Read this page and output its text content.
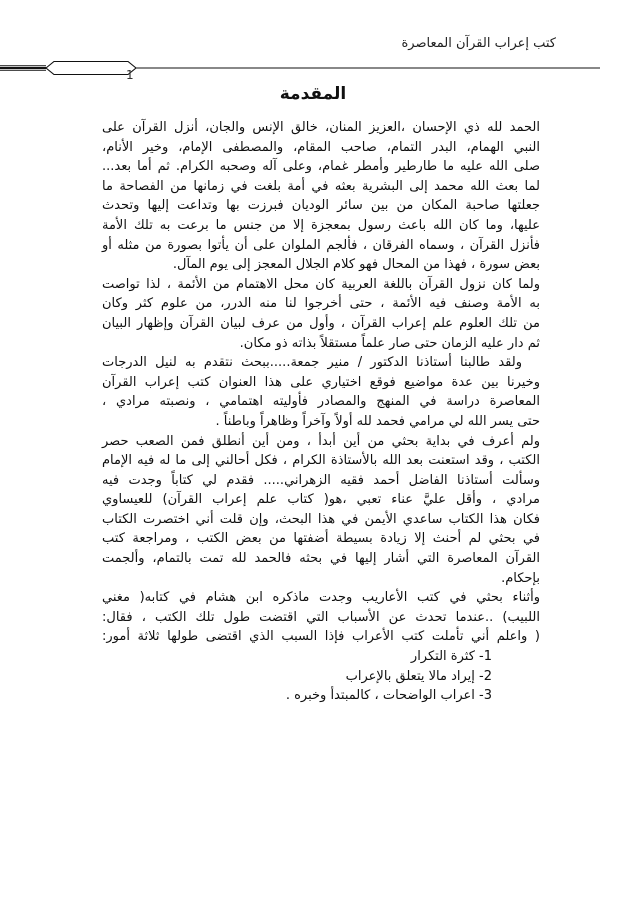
كتب إعراب القرآن المعاصرة
1
المقدمة
الحمد لله ذي الإحسان ،العزيز المنان، خالق الإنس والجان، أنزل القرآن على
النبي الهمام، البدر التمام، صاحب المقام، والمصطفى الإمام، وخير الأنام،
صلى الله عليه ما طارطير وأمطر غمام، وعلى آله وصحبه الكرام. ثم أما بعد...
لما بعث الله محمد إلى البشرية بعثه في أمة بلغت في زمانها من الفصاحة ما
جعلتها صاحبة المكان من بين سائر الوديان فبرزت بها وتداعت إليها وتحدث
عليها، وما كان الله باعث رسول بمعجزة إلا من جنس ما برعت به تلك الأمة
فأنزل القرآن ، وسماه الفرقان ، فألجم الملوان على أن يأتوا بصورة من مثله أو
بعض سورة ، فهذا من المحال فهو كلام الجلال المعجز إلى يوم المآل.
ولما كان نزول القرآن باللغة العربية كان محل الاهتمام من الأئمة ، لذا تواصت
به الأمة وصنف فيه الأئمة ، حتى أخرجوا لنا منه الدرر، من علوم كثر وكان
من تلك العلوم علم إعراب القرآن ، وأول من عرف لبيان القرآن وإظهار البيان
ثم دار عليه الزمان حتى صار علماً مستقلاً بذاته ذو مكان.
ولقد طالبنا أستاذنا الدكتور / منير جمعة.....ببحث نتقدم به لنيل الدرجات
وخيرنا بين عدة مواضيع فوقع اختياري على هذا العنوان كتب إعراب القرآن
المعاصرة دراسة في المنهج والمصادر فأوليته اهتمامي ، ونصبته مرادي ،
حتى يسر الله لي مرامي فحمد لله أولاً وآخراً وظاهراً وباطناً .
ولم أعرف في بداية بحثي من أين أبدأ ، ومن أين أنطلق فمن الصعب حصر
الكتب ، وقد استعنت بعد الله بالأستاذة الكرام ، فكل أحالني إلى ما له فيه الإمام
وسألت أستاذنا الفاضل أحمد فقيه الزهراني..... فقدم لي كتاباً وجدت فيه
مرادي ، وأقل عليَّ عناء تعبي ،هو( كتاب علم إعراب القرآن) للعيساوي
فكان هذا الكتاب ساعدي الأيمن في هذا البحث، وإن قلت أني اختصرت الكتاب
في بحثي لم أحنث إلا زيادة بسيطة أضفتها من بعض الكتب ، ومراجعة كتب
القرآن المعاصرة التي أشار إليها في بحثه فالحمد لله تمت بالتمام، وألجمت
بإحكام.
وأثناء بحثي في كتب الأعاريب وجدت ماذكره ابن هشام في كتابه( مغني
اللبيب) ..عندما تحدث عن الأسباب التي اقتضت طول تلك الكتب ، فقال:
( واعلم أني تأملت كتب الأعراب فإذا السبب الذي اقتضى طولها ثلاثة أمور:
1- كثرة التكرار
2- إيراد مالا يتعلق بالإعراب
3- اعراب الواضحات ، كالمبتدأ وخبره .
